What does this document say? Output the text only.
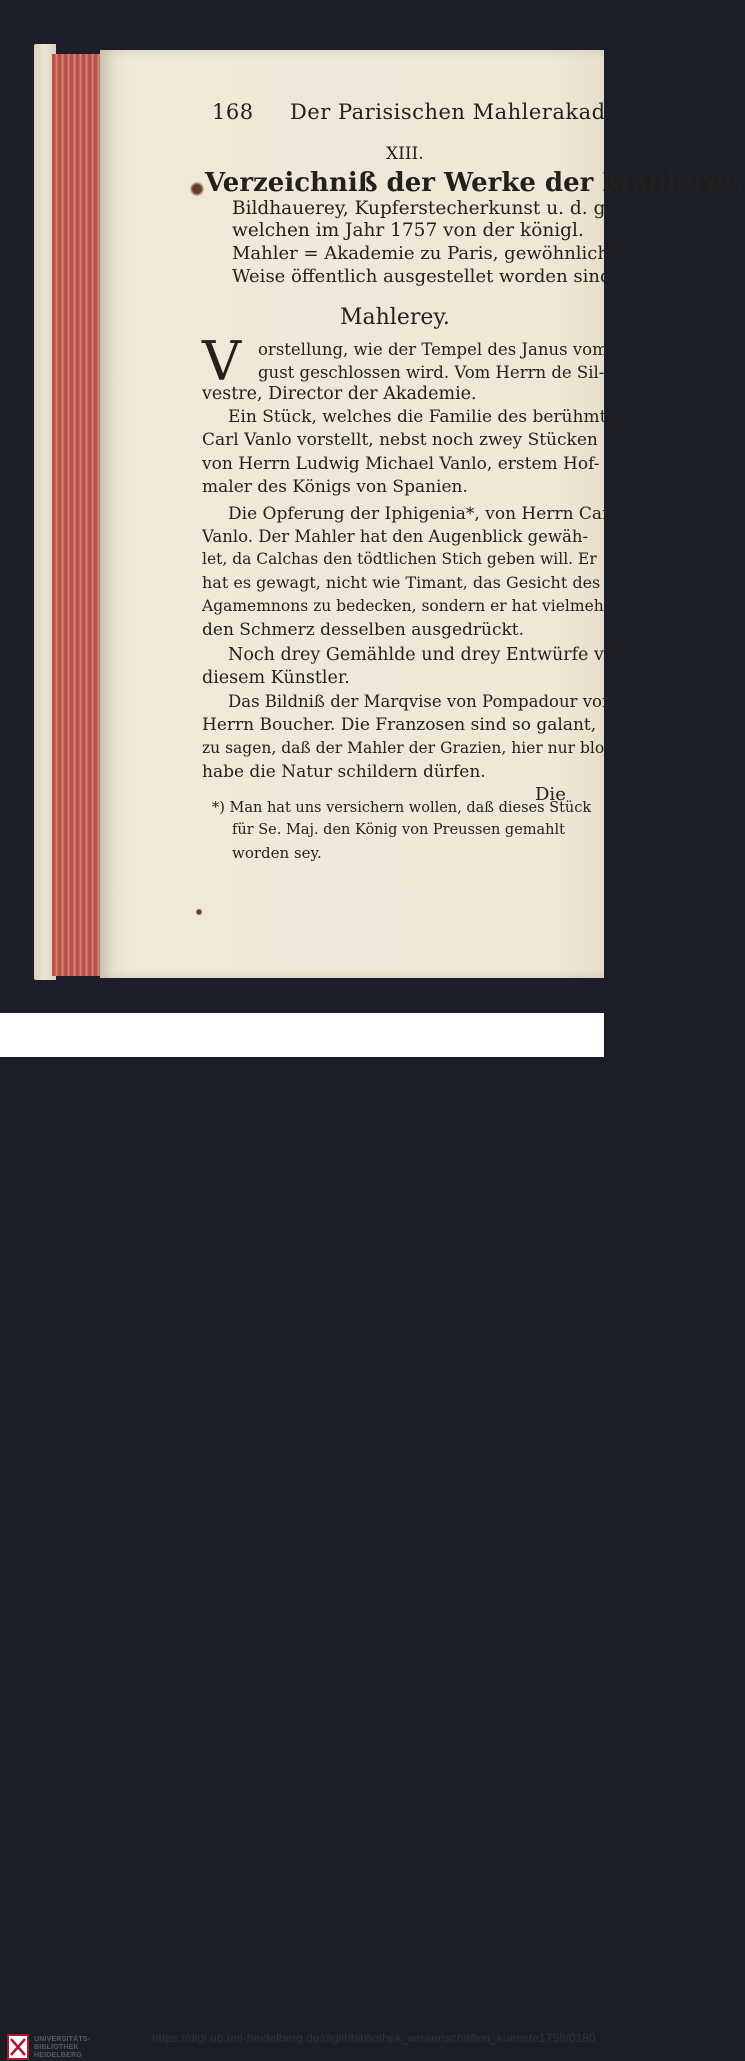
168 Der Parisischen Mahlerakad.
XIII.
Verzeichniß der Werke der Mahlerey,
Bildhauerey, Kupferstecherkunst u. d. g.
welchen im Jahr 1757 von der königl.
Mahler = Akademie zu Paris, gewöhnlicher
Weise öffentlich ausgestellet worden sind.
Mahlerey.
V orstellung, wie der Tempel des Janus vom Au-
gust geschlossen wird. Vom Herrn de Sil-
vestre, Director der Akademie.
Ein Stück, welches die Familie des berühmten
Carl Vanlo vorstellt, nebst noch zwey Stücken
von Herrn Ludwig Michael Vanlo, erstem Hof-
maler des Königs von Spanien.
Die Opferung der Iphigenia*, von Herrn Carl
Vanlo. Der Mahler hat den Augenblick gewäh-
let, da Calchas den tödtlichen Stich geben will. Er
hat es gewagt, nicht wie Timant, das Gesicht des
Agamemnons zu bedecken, sondern er hat vielmehr
den Schmerz desselben ausgedrückt.
Noch drey Gemählde und drey Entwürfe von
diesem Künstler.
Das Bildniß der Marqvise von Pompadour von
Herrn Boucher. Die Franzosen sind so galant,
zu sagen, daß der Mahler der Grazien, hier nur bloß
habe die Natur schildern dürfen.
Die
*) Man hat uns versichern wollen, daß dieses Stück
für Se. Maj. den König von Preussen gemahlt
worden sey.
UNIVERSITÄTS-
BIBLIOTHEK
HEIDELBERG
https://digi.ub.uni-heidelberg.de/diglit/bibliothek_wissenschaften_kuenste1758/0180
